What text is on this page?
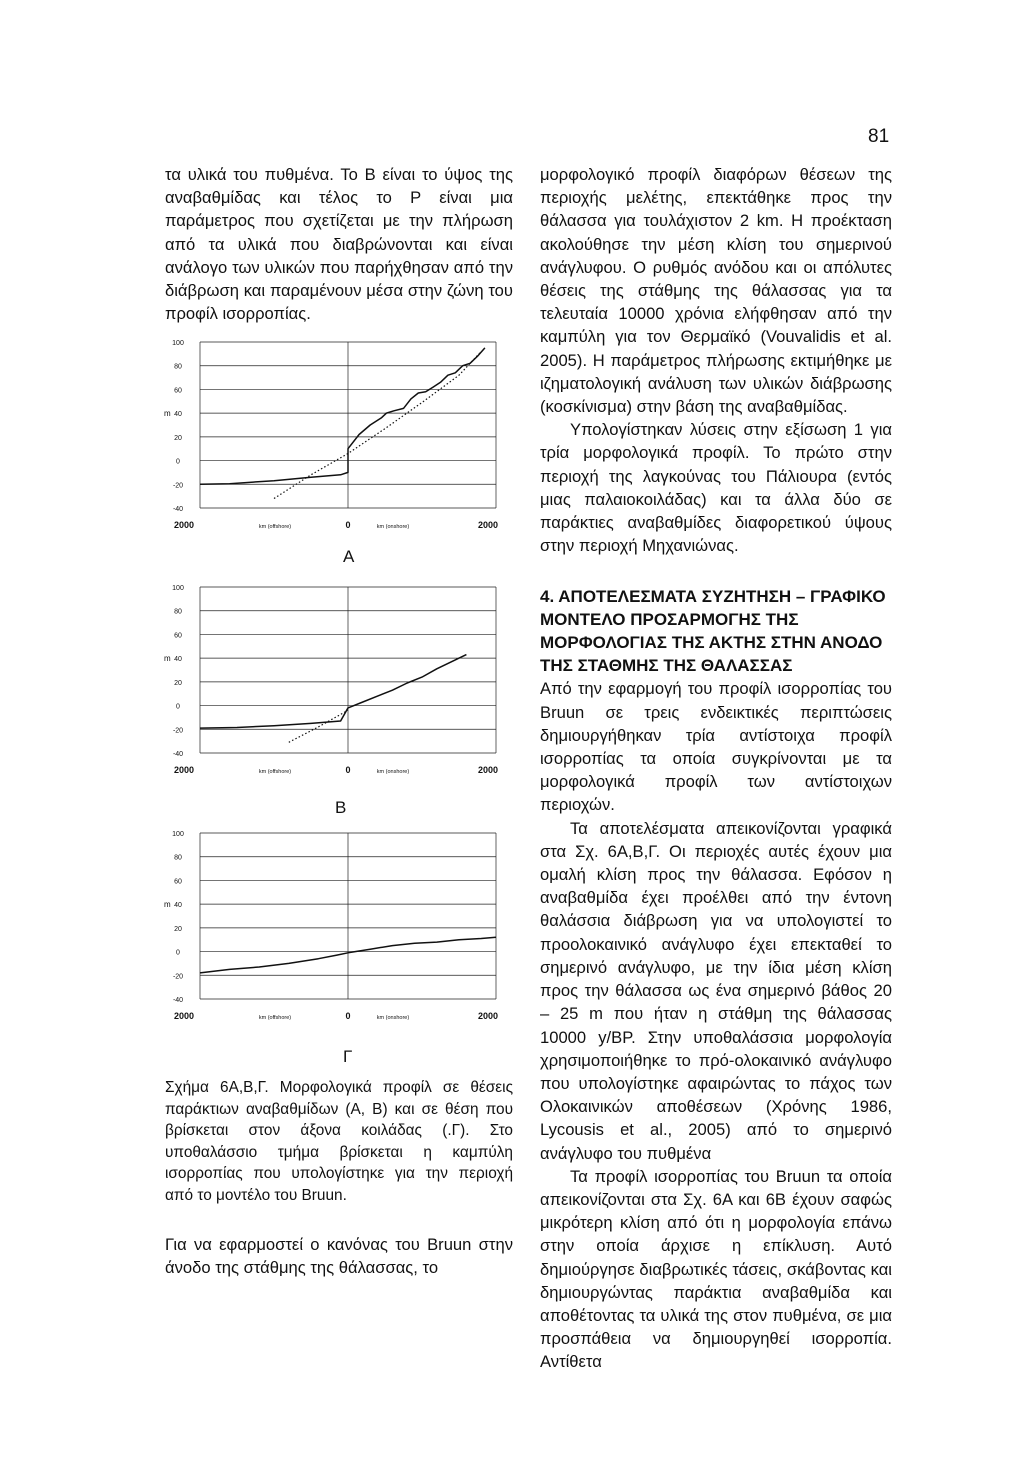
81

τα υλικά του πυθμένα. Το B είναι το ύψος της αναβαθμίδας και τέλος το P είναι μια παράμετρος που σχετίζεται με την πλήρωση από τα υλικά που διαβρώνονται και είναι ανάλογο των υλικών που παρήχθησαν από την διάβρωση και παραμένουν μέσα στην ζώνη του προφίλ ισορροπίας.

μορφολογικό προφίλ διαφόρων θέσεων της περιοχής μελέτης, επεκτάθηκε προς την θάλασσα για τουλάχιστον 2 km. Η προέκταση ακολούθησε την μέση κλίση του σημερινού ανάγλυφου. Ο ρυθμός ανόδου και οι απόλυτες θέσεις της στάθμης της θάλασσας για τα τελευταία 10000 χρόνια ελήφθησαν από την καμπύλη για τον Θερμαϊκό (Vouvalidis et al. 2005). Η παράμετρος πλήρωσης εκτιμήθηκε με ιζηματολογική ανάλυση των υλικών διάβρωσης (κοσκίνισμα) στην βάση της αναβαθμίδας.

Υπολογίστηκαν λύσεις στην εξίσωση 1 για τρία μορφολογικά προφίλ. Το πρώτο στην περιοχή της λαγκούνας του Πάλιουρα (εντός μιας παλαιοκοιλάδας) και τα άλλα δύο σε παράκτιες αναβαθμίδες διαφορετικού ύψους στην περιοχή Μηχανιώνας.

4. ΑΠΟΤΕΛΕΣΜΑΤΑ ΣΥΖΗΤΗΣΗ – ΓΡΑΦΙΚΟ ΜΟΝΤΕΛΟ ΠΡΟΣΑΡΜΟΓΗΣ ΤΗΣ ΜΟΡΦΟΛΟΓΙΑΣ ΤΗΣ ΑΚΤΗΣ ΣΤΗΝ ΑΝΟΔΟ ΤΗΣ ΣΤΑΘΜΗΣ ΤΗΣ ΘΑΛΑΣΣΑΣ

Από την εφαρμογή του προφίλ ισορροπίας του Bruun σε τρεις ενδεικτικές περιπτώσεις δημιουργήθηκαν τρία αντίστοιχα προφίλ ισορροπίας τα οποία συγκρίνονται με τα μορφολογικά προφίλ των αντίστοιχων περιοχών.

Τα αποτελέσματα απεικονίζονται γραφικά στα Σχ. 6Α,Β,Γ. Οι περιοχές αυτές έχουν μια ομαλή κλίση προς την θάλασσα. Εφόσον η αναβαθμίδα έχει προέλθει από την έντονη θαλάσσια διάβρωση για να υπολογιστεί το προολοκαινικό ανάγλυφο έχει επεκταθεί το σημερινό ανάγλυφο, με την ίδια μέση κλίση προς την θάλασσα ως ένα σημερινό βάθος 20 – 25 m που ήταν η στάθμη της θάλασσας 10000 y/BP. Στην υποθαλάσσια μορφολογία χρησιμοποιήθηκε το πρό-ολοκαινικό ανάγλυφο που υπολογίστηκε αφαιρώντας το πάχος των Ολοκαινικών αποθέσεων (Χρόνης 1986, Lycousis et al., 2005) από το σημερινό ανάγλυφο του πυθμένα

Τα προφίλ ισορροπίας του Bruun τα οποία απεικονίζονται στα Σχ. 6Α και 6Β έχουν σαφώς μικρότερη κλίση από ότι η μορφολογία επάνω στην οποία άρχισε η επίκλυση. Αυτό δημιούργησε διαβρωτικές τάσεις, σκάβοντας και δημιουργώντας παράκτια αναβαθμίδα και αποθέτοντας τα υλικά της στον πυθμένα, σε μια προσπάθεια να δημιουργηθεί ισορροπία. Αντίθετα

100
80
60
40
20
0
-20
-40
m
2000	km (offshore)	0	km (onshore)	2000
Α
100
80
60
40
20
0
-20
-40
m
2000	km (offshore)	0	km (onshore)	2000
Β
100
80
60
40
20
0
-20
-40
m
2000	km (offshore)	0	km (onshore)	2000
Γ
Σχήμα 6Α,Β,Γ. Μορφολογικά προφίλ σε θέσεις παράκτιων αναβαθμίδων (Α, Β) και σε θέση που βρίσκεται στον άξονα κοιλάδας (.Γ). Στο υποθαλάσσιο τμήμα βρίσκεται η καμπύλη ισορροπίας που υπολογίστηκε για την περιοχή από το μοντέλο του Bruun.
Για να εφαρμοστεί ο κανόνας του Bruun στην άνοδο της στάθμης της θάλασσας, το
